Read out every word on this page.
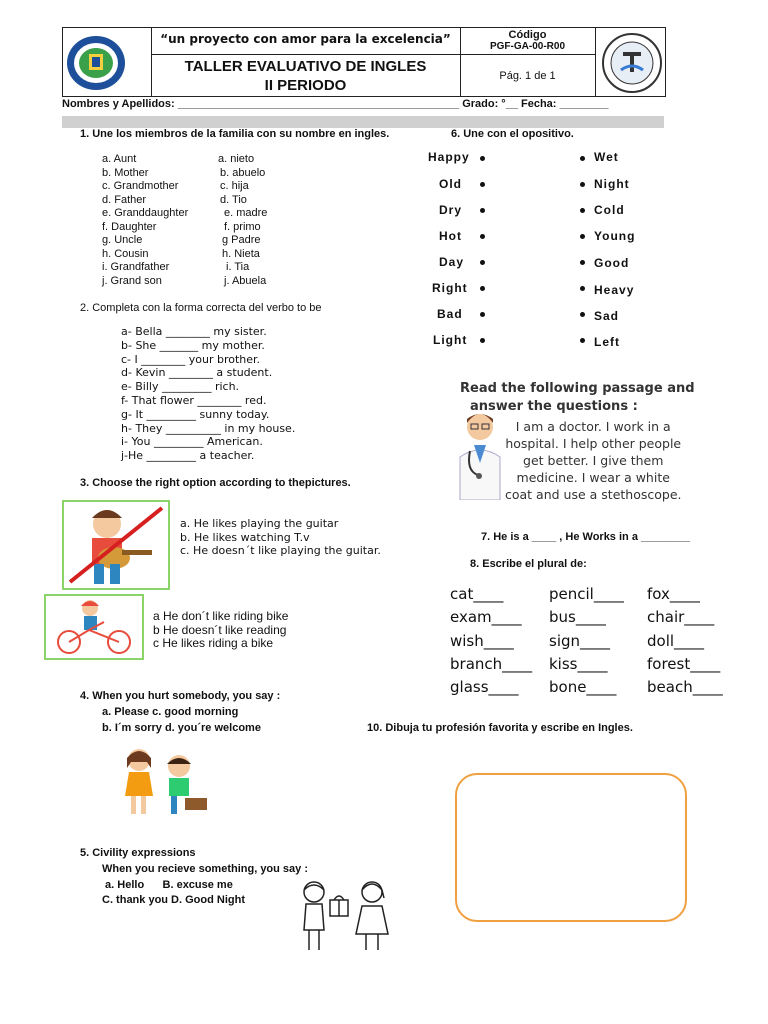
“un proyecto con amor para la excelencia”
TALLER EVALUATIVO DE INGLES
II PERIODO
Código
PGF-GA-00-R00
Pág. 1 de 1
Nombres y Apellidos: ______________________________________________ Grado: °__ Fecha: ________
1. Une los miembros de la familia con su nombre en ingles.	6. Une con el opositivo.
a. Aunt
b. Mother
c. Grandmother
d. Father
e. Granddaughter
f. Daughter
g. Uncle
h. Cousin
i. Grandfather
j. Grand son
a. nieto
b. abuelo
c. hija
d. Tio
e. madre
f. primo
g Padre
h. Nieta
i. Tia
j. Abuela
Happy
Old
Dry
Hot
Day
Right
Bad
Light
Wet
Night
Cold
Young
Good
Heavy
Sad
Left
2. Completa con la forma correcta del verbo to be
a- Bella ________ my sister.
b- She _______ my mother.
c- I ________ your brother.
d- Kevin ________ a student.
e- Billy _________ rich.
f- That flower ________ red.
g- It _________ sunny today.
h- They __________ in my house.
i- You _________ American.
j-He _________ a teacher.
Read the following passage and
answer the questions :
I am a doctor. I work in a
hospital. I help other people
get better. I give them
medicine. I wear a white
coat and use a stethoscope.
3. Choose the right option according to thepictures.
a. He likes playing the guitar
b. He likes watching T.v
c. He doesn´t like playing the guitar.
a He don´t like riding bike
b He doesn´t like reading
c He likes riding a bike
7. He is a ____ , He Works in a ________
8. Escribe el plural de:
cat____	pencil____ fox____
exam____ bus____	chair____
wish____ sign____ doll____
branch____ kiss____	forest____
glass____ bone____ beach____
4. When you hurt somebody, you say :
a. Please c. good morning
b. I´m sorry d. you´re welcome	10. Dibuja tu profesión favorita y escribe en Ingles.
5. Civility expressions
When you recieve something, you say :
a. Hello      B. excuse me
C. thank you D. Good Night
